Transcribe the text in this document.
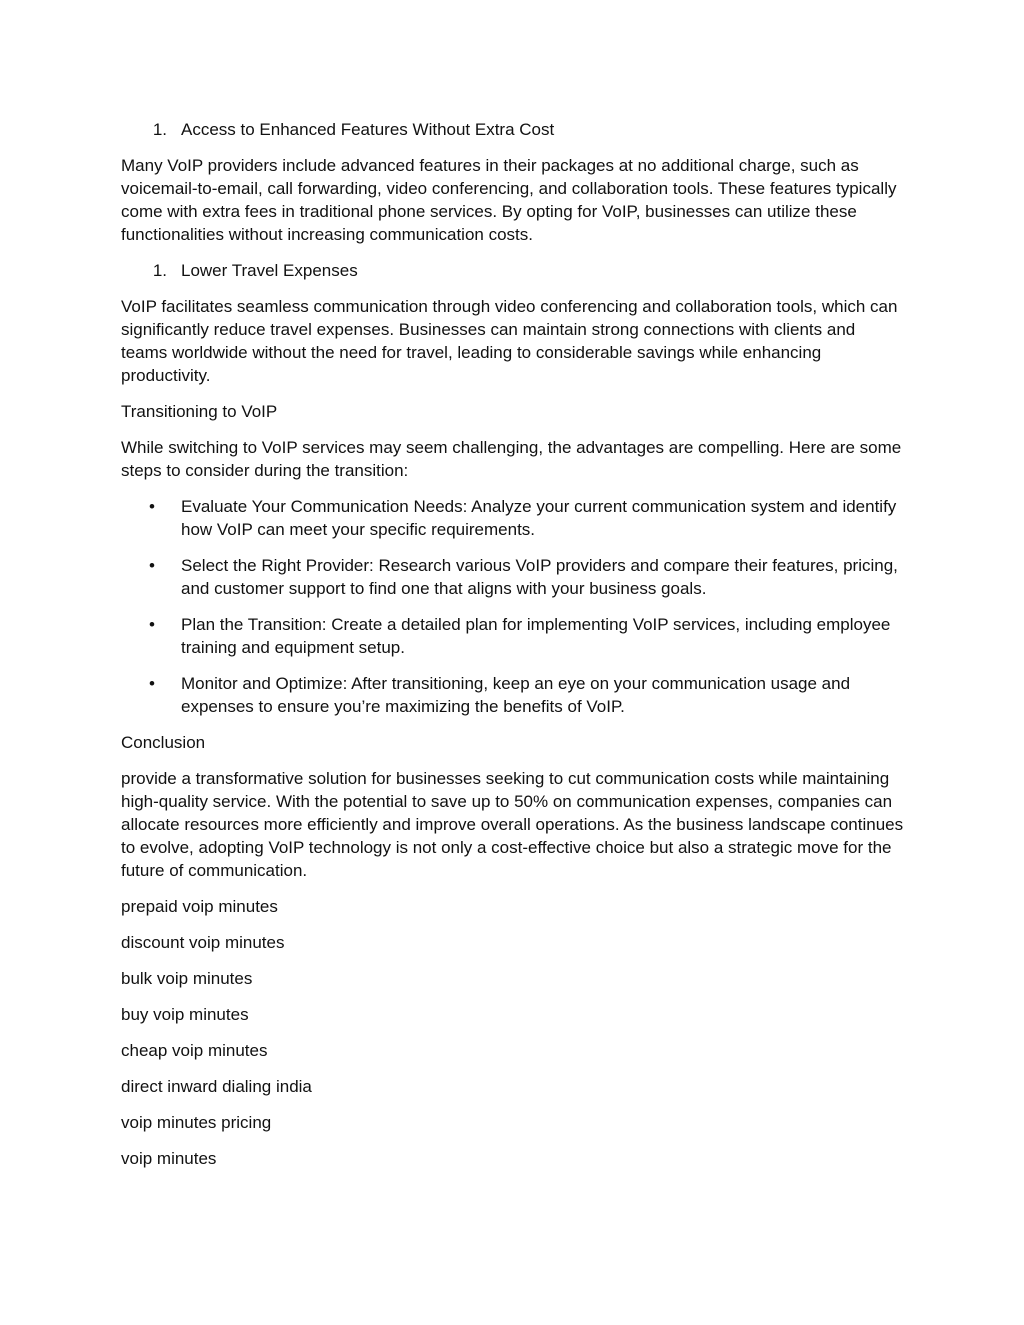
1. Access to Enhanced Features Without Extra Cost

Many VoIP providers include advanced features in their packages at no additional charge, such as voicemail-to-email, call forwarding, video conferencing, and collaboration tools. These features typically come with extra fees in traditional phone services. By opting for VoIP, businesses can utilize these functionalities without increasing communication costs.

1. Lower Travel Expenses

VoIP facilitates seamless communication through video conferencing and collaboration tools, which can significantly reduce travel expenses. Businesses can maintain strong connections with clients and teams worldwide without the need for travel, leading to considerable savings while enhancing productivity.

Transitioning to VoIP

While switching to VoIP services may seem challenging, the advantages are compelling. Here are some steps to consider during the transition:

•	Evaluate Your Communication Needs: Analyze your current communication system and identify how VoIP can meet your specific requirements.
•	Select the Right Provider: Research various VoIP providers and compare their features, pricing, and customer support to find one that aligns with your business goals.
•	Plan the Transition: Create a detailed plan for implementing VoIP services, including employee training and equipment setup.
•	Monitor and Optimize: After transitioning, keep an eye on your communication usage and expenses to ensure you’re maximizing the benefits of VoIP.

Conclusion

provide a transformative solution for businesses seeking to cut communication costs while maintaining high-quality service. With the potential to save up to 50% on communication expenses, companies can allocate resources more efficiently and improve overall operations. As the business landscape continues to evolve, adopting VoIP technology is not only a cost-effective choice but also a strategic move for the future of communication.

prepaid voip minutes

discount voip minutes

bulk voip minutes

buy voip minutes

cheap voip minutes

direct inward dialing india

voip minutes pricing

voip minutes
